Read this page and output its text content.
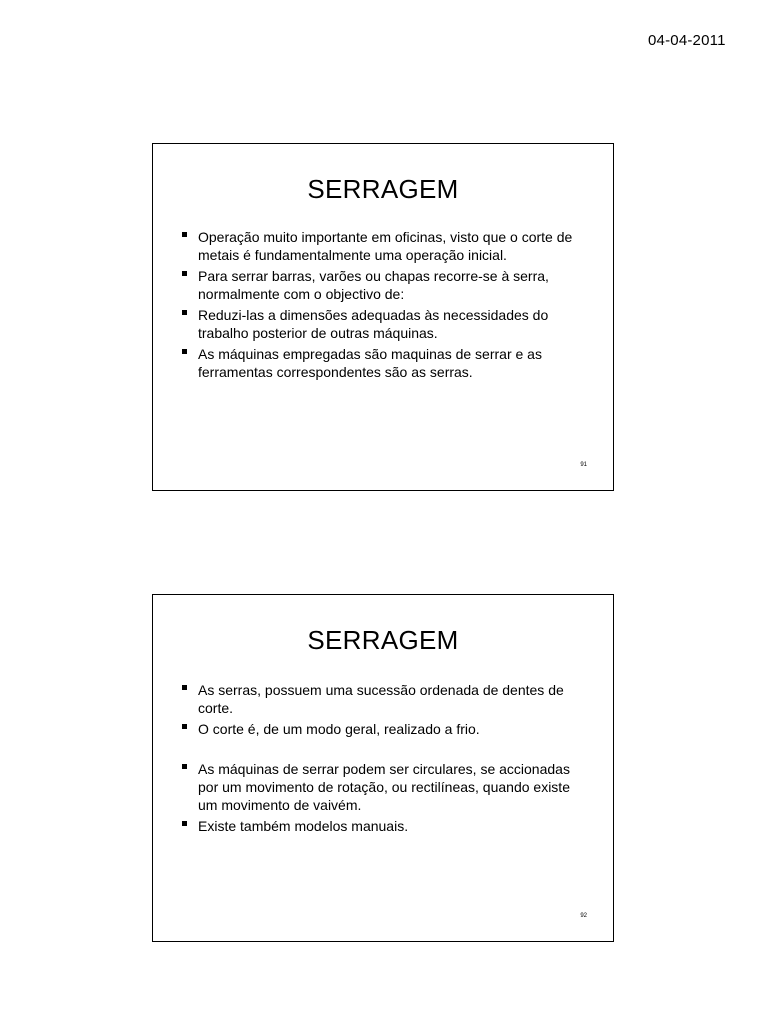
04-04-2011
SERRAGEM
Operação muito importante em oficinas, visto que o corte de metais é fundamentalmente uma operação inicial.
Para serrar barras, varões ou chapas recorre-se à serra, normalmente com o objectivo de:
Reduzi-las a dimensões adequadas às necessidades do trabalho posterior de outras máquinas.
As máquinas empregadas são maquinas de serrar e as ferramentas correspondentes são as serras.
91
SERRAGEM
As serras, possuem uma sucessão ordenada de dentes de corte.
O corte é, de um modo geral, realizado a frio.
As máquinas de serrar podem ser circulares, se accionadas por um movimento de rotação, ou rectilíneas, quando existe um movimento de vaivém.
Existe também modelos manuais.
92
